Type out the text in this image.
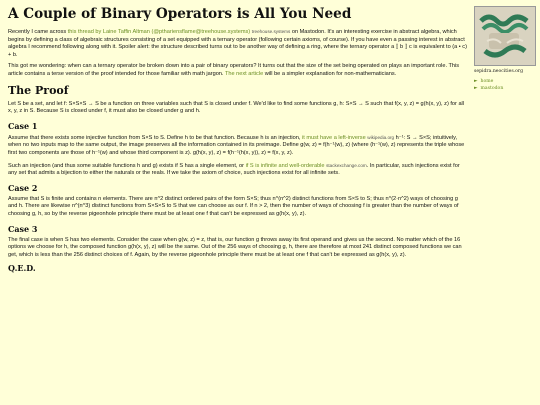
A Couple of Binary Operators is All You Need

Recently I came across this thread by Laine Taffin Altman (@pthariensflame@treehouse.systems) treehouse.systems on Mastodon. It's an interesting exercise in abstract algebra, which begins by defining a class of algebraic structures consisting of a set equipped with a ternary operator (following certain axioms, of course). If you have even a passing interest in abstract algebra I recommend following along with it. Spoiler alert: the structure described turns out to be another way of defining a ring, where the ternary operator a ⟦ b ⟧ c is equivalent to (a • c) + b.

This got me wondering: when can a ternary operator be broken down into a pair of binary operators? It turns out that the size of the set being operated on plays an important role. This article contains a terse version of the proof intended for those familiar with math jargon. The next article will be a simpler explanation for non-mathematicians.

The Proof

Let S be a set, and let f: S×S×S → S be a function on three variables such that S is closed under f. We'd like to find some functions g, h: S×S → S such that f(x, y, z) = g(h(x, y), z) for all x, y, z in S. Because S is closed under f, it must also be closed under g and h.

Case 1

Assume that there exists some injective function from S×S to S. Define h to be that function. Because h is an injection, it must have a left-inverse wikipedia.org h⁻¹: S → S×S; intuitively, when no two inputs map to the same output, the image preserves all the information contained in its preimage. Define g(w, z) = f(h⁻¹(w), z) (where (h⁻¹(w), z) represents the triple whose first two components are those of h⁻¹(w) and whose third component is z). g(h(x, y), z) = f(h⁻¹(h(x, y)), z) = f(x, y, z).

Such an injection (and thus some suitable functions h and g) exists if S has a single element, or if S is infinite and well-orderable stackexchange.com. In particular, such injections exist for any set that admits a bijection to either the naturals or the reals. If we take the axiom of choice, such injections exist for all infinite sets.

Case 2

Assume that S is finite and contains n elements. There are n^2 distinct ordered pairs of the form S×S; thus n^(n^2) distinct functions from S×S to S; thus n^(2·n^2) ways of choosing g and h. There are likewise n^(n^3) distinct functions from S×S×S to S that we can choose as our f. If n > 2, then the number of ways of choosing f is greater than the number of ways of choosing g, h, so by the reverse pigeonhole principle there must be at least one f that can't be expressed as g(h(x, y), z).

Case 3

The final case is when S has two elements. Consider the case when g(w, z) = z, that is, our function g throws away its first operand and gives us the second. No matter which of the 16 options we choose for h, the composed function g(h(x, y), z) will be the same. Out of the 256 ways of choosing g, h, there are therefore at most 241 distinct composed functions we can get, which is less than the 256 distinct choices of f. Again, by the reverse pigeonhole principle there must be at least one f that can't be expressed as g(h(x, y), z).

Q.E.D.
sepidra.neocities.org
► home
► mastodon
